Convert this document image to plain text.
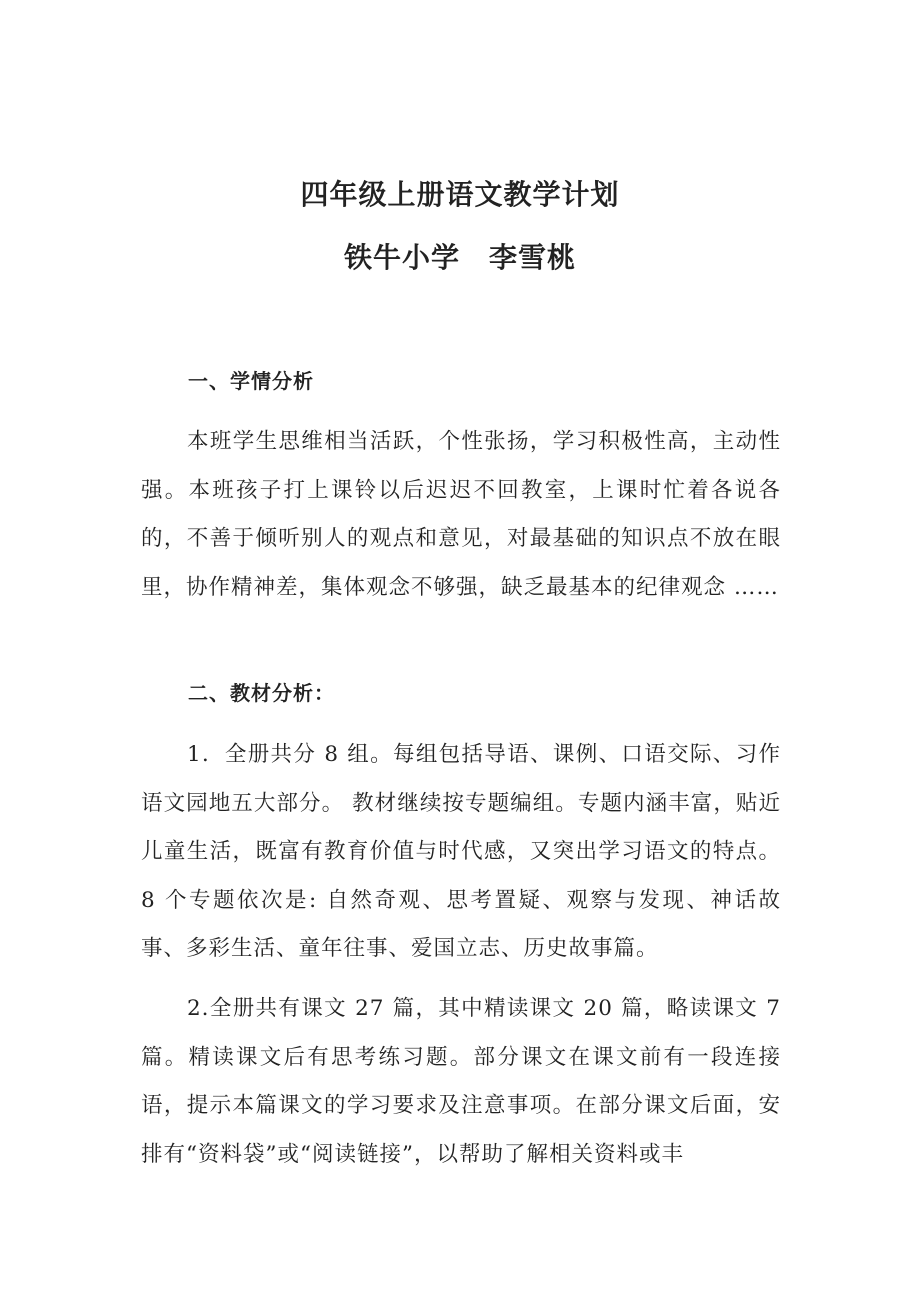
四年级上册语文教学计划
铁牛小学　李雪桃
一、学情分析

本班学生思维相当活跃，个性张扬，学习积极性高，主动性强。本班孩子打上课铃以后迟迟不回教室，上课时忙着各说各的，不善于倾听别人的观点和意见，对最基础的知识点不放在眼里，协作精神差，集体观念不够强，缺乏最基本的纪律观念 ……

二、教材分析：

1．全册共分 8 组。每组包括导语、课例、口语交际、习作语文园地五大部分。 教材继续按专题编组。专题内涵丰富，贴近儿童生活，既富有教育价值与时代感，又突出学习语文的特点。8 个专题依次是: 自然奇观、思考置疑、观察与发现、神话故事、多彩生活、童年往事、爱国立志、历史故事篇。

2.全册共有课文 27 篇，其中精读课文 20 篇，略读课文 7 篇。精读课文后有思考练习题。部分课文在课文前有一段连接语，提示本篇课文的学习要求及注意事项。在部分课文后面，安排有“资料袋”或“阅读链接”，以帮助了解相关资料或丰
